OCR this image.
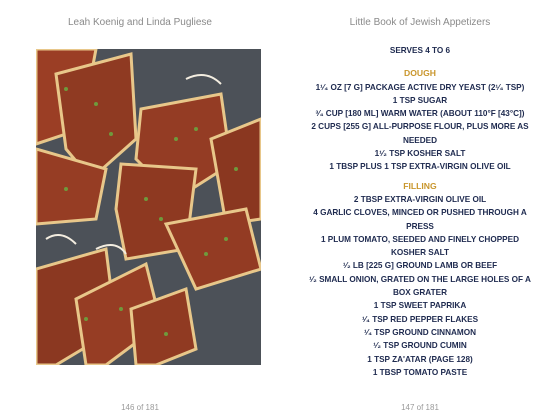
Leah Koenig and Linda Pugliese
146 of 181
Little Book of Jewish Appetizers
SERVES 4 TO 6
DOUGH
1¹⁄₄ OZ [7 G] PACKAGE ACTIVE DRY YEAST (2¹⁄₄ TSP)
1 TSP SUGAR
³⁄₄ CUP [180 ML] WARM WATER (ABOUT 110°F [43°C])
2 CUPS [255 G] ALL-PURPOSE FLOUR, PLUS MORE AS NEEDED
1¹⁄₂ TSP KOSHER SALT
1 TBSP PLUS 1 TSP EXTRA-VIRGIN OLIVE OIL
FILLING
2 TBSP EXTRA-VIRGIN OLIVE OIL
4 GARLIC CLOVES, MINCED OR PUSHED THROUGH A PRESS
1 PLUM TOMATO, SEEDED AND FINELY CHOPPED
KOSHER SALT
¹⁄₂ LB [225 G] GROUND LAMB OR BEEF
¹⁄₂ SMALL ONION, GRATED ON THE LARGE HOLES OF A BOX GRATER
1 TSP SWEET PAPRIKA
¹⁄₄ TSP RED PEPPER FLAKES
¹⁄₄ TSP GROUND CINNAMON
¹⁄₂ TSP GROUND CUMIN
1 TSP ZA'ATAR (PAGE 128)
1 TBSP TOMATO PASTE
147 of 181
